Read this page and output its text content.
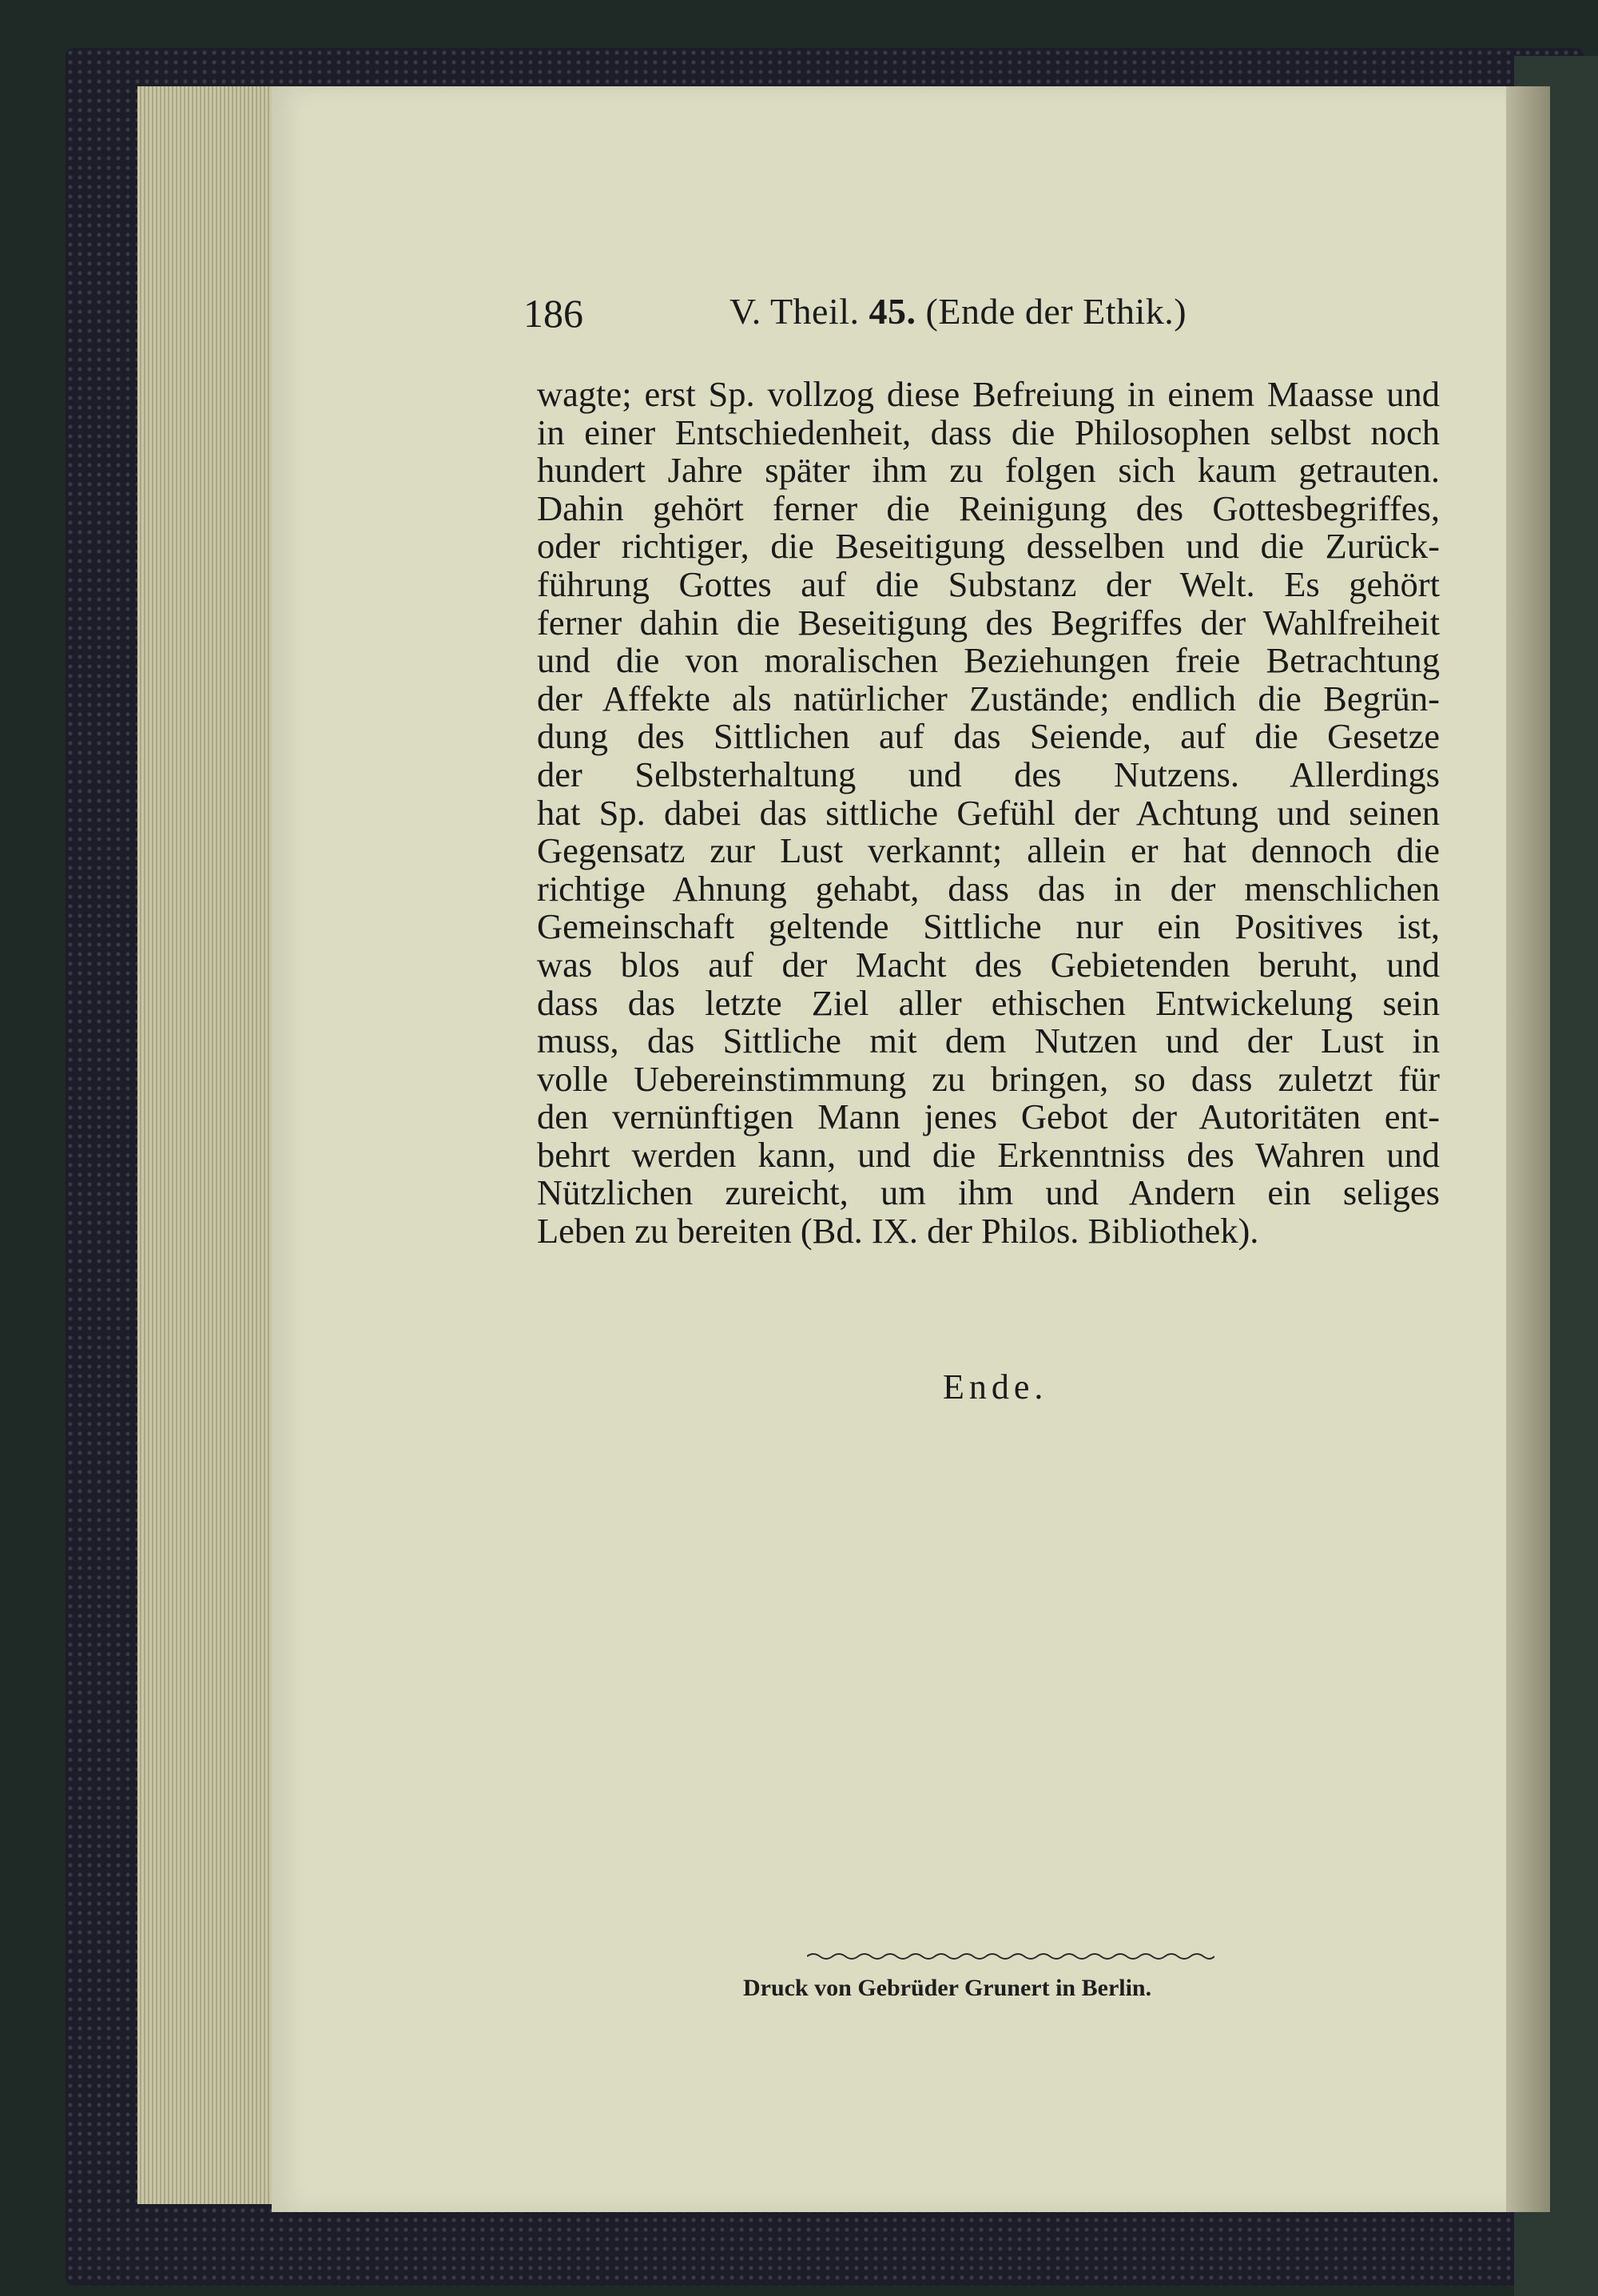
186	V. Theil. 45. (Ende der Ethik.)
wagte; erst Sp. vollzog diese Befreiung in einem Maasse und
in einer Entschiedenheit, dass die Philosophen selbst noch
hundert Jahre später ihm zu folgen sich kaum getrauten.
Dahin gehört ferner die Reinigung des Gottesbegriffes,
oder richtiger, die Beseitigung desselben und die Zurück-
führung Gottes auf die Substanz der Welt. Es gehört
ferner dahin die Beseitigung des Begriffes der Wahlfreiheit
und die von moralischen Beziehungen freie Betrachtung
der Affekte als natürlicher Zustände; endlich die Begrün-
dung des Sittlichen auf das Seiende, auf die Gesetze
der Selbsterhaltung und des Nutzens. Allerdings
hat Sp. dabei das sittliche Gefühl der Achtung und seinen
Gegensatz zur Lust verkannt; allein er hat dennoch die
richtige Ahnung gehabt, dass das in der menschlichen
Gemeinschaft geltende Sittliche nur ein Positives ist,
was blos auf der Macht des Gebietenden beruht, und
dass das letzte Ziel aller ethischen Entwickelung sein
muss, das Sittliche mit dem Nutzen und der Lust in
volle Uebereinstimmung zu bringen, so dass zuletzt für
den vernünftigen Mann jenes Gebot der Autoritäten ent-
behrt werden kann, und die Erkenntniss des Wahren und
Nützlichen zureicht, um ihm und Andern ein seliges
Leben zu bereiten (Bd. IX. der Philos. Bibliothek).
Ende.
Druck von Gebrüder Grunert in Berlin.
